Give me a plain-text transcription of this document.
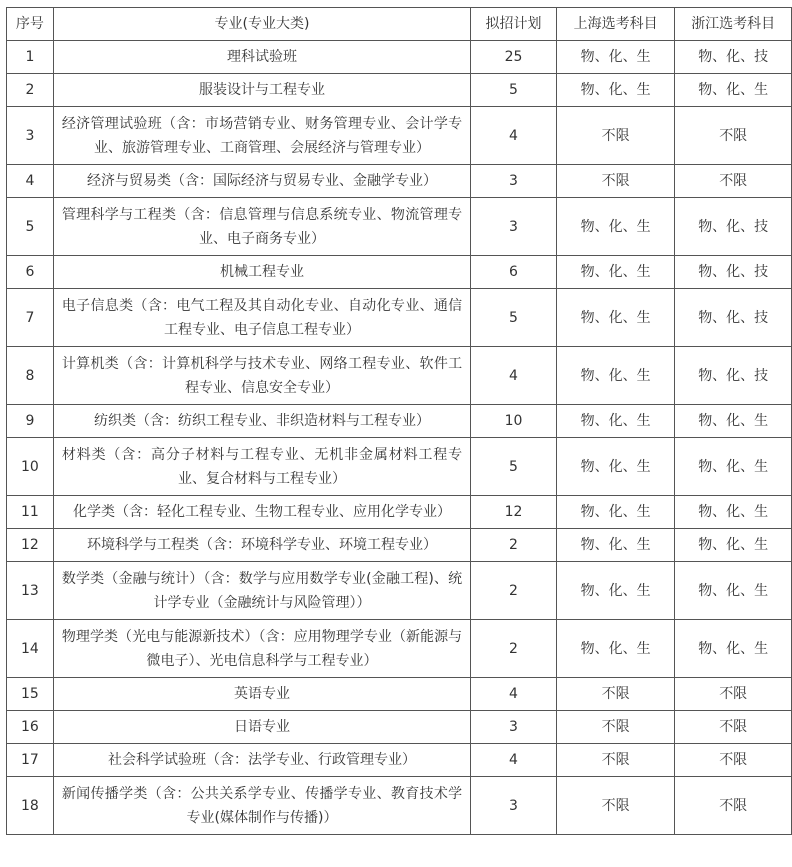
序号	专业(专业大类)	拟招计划	上海选考科目	浙江选考科目
1	理科试验班	25	物、化、生	物、化、技
2	服装设计与工程专业	5	物、化、生	物、化、生
3	经济管理试验班（含：市场营销专业、财务管理专业、会计学专业、旅游管理专业、工商管理、会展经济与管理专业）	4	不限	不限
4	经济与贸易类（含：国际经济与贸易专业、金融学专业）	3	不限	不限
5	管理科学与工程类（含：信息管理与信息系统专业、物流管理专业、电子商务专业）	3	物、化、生	物、化、技
6	机械工程专业	6	物、化、生	物、化、技
7	电子信息类（含：电气工程及其自动化专业、自动化专业、通信工程专业、电子信息工程专业）	5	物、化、生	物、化、技
8	计算机类（含：计算机科学与技术专业、网络工程专业、软件工程专业、信息安全专业）	4	物、化、生	物、化、技
9	纺织类（含：纺织工程专业、非织造材料与工程专业）	10	物、化、生	物、化、生
10	材料类（含：高分子材料与工程专业、无机非金属材料工程专业、复合材料与工程专业）	5	物、化、生	物、化、生
11	化学类（含：轻化工程专业、生物工程专业、应用化学专业）	12	物、化、生	物、化、生
12	环境科学与工程类（含：环境科学专业、环境工程专业）	2	物、化、生	物、化、生
13	数学类（金融与统计）（含：数学与应用数学专业(金融工程)、统计学专业（金融统计与风险管理））	2	物、化、生	物、化、生
14	物理学类（光电与能源新技术）（含：应用物理学专业（新能源与微电子）、光电信息科学与工程专业）	2	物、化、生	物、化、生
15	英语专业	4	不限	不限
16	日语专业	3	不限	不限
17	社会科学试验班（含：法学专业、行政管理专业）	4	不限	不限
18	新闻传播学类（含：公共关系学专业、传播学专业、教育技术学专业(媒体制作与传播)）	3	不限	不限
